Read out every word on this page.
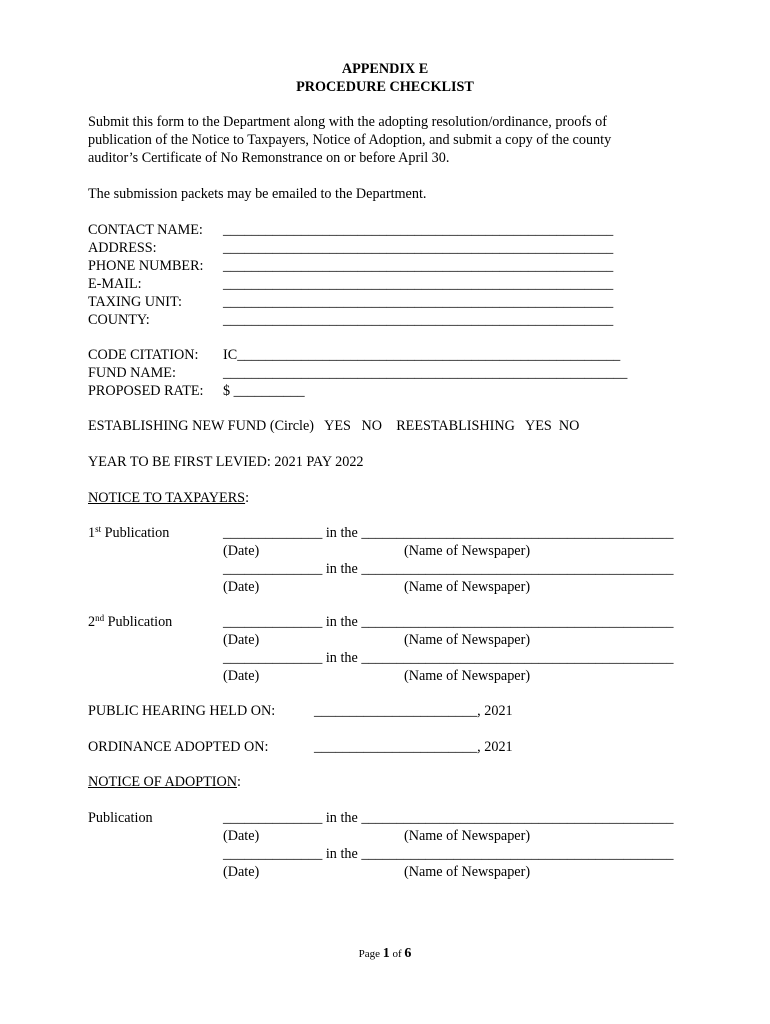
APPENDIX E
PROCEDURE CHECKLIST
Submit this form to the Department along with the adopting resolution/ordinance, proofs of
publication of the Notice to Taxpayers, Notice of Adoption, and submit a copy of the county
auditor’s Certificate of No Remonstrance on or before April 30.
The submission packets may be emailed to the Department.
CONTACT NAME: _______________________________________________________
ADDRESS:	_______________________________________________________
PHONE NUMBER: _______________________________________________________
E-MAIL:	_______________________________________________________
TAXING UNIT:	_______________________________________________________
COUNTY:	_______________________________________________________
CODE CITATION: IC______________________________________________________
FUND NAME:	_________________________________________________________
PROPOSED RATE: $ __________
ESTABLISHING NEW FUND (Circle)   YES   NO    REESTABLISHING   YES  NO
YEAR TO BE FIRST LEVIED: 2021 PAY 2022
NOTICE TO TAXPAYERS:
1st Publication	______________ in the ____________________________________________
(Date)	(Name of Newspaper)
______________ in the ____________________________________________
(Date)	(Name of Newspaper)
2nd Publication	______________ in the ____________________________________________
(Date)	(Name of Newspaper)
______________ in the ____________________________________________
(Date)	(Name of Newspaper)
PUBLIC HEARING HELD ON:	_______________________, 2021
ORDINANCE ADOPTED ON:	_______________________, 2021
NOTICE OF ADOPTION:
Publication	______________ in the ____________________________________________
(Date)	(Name of Newspaper)
______________ in the ____________________________________________
(Date)	(Name of Newspaper)
Page 1 of 6
